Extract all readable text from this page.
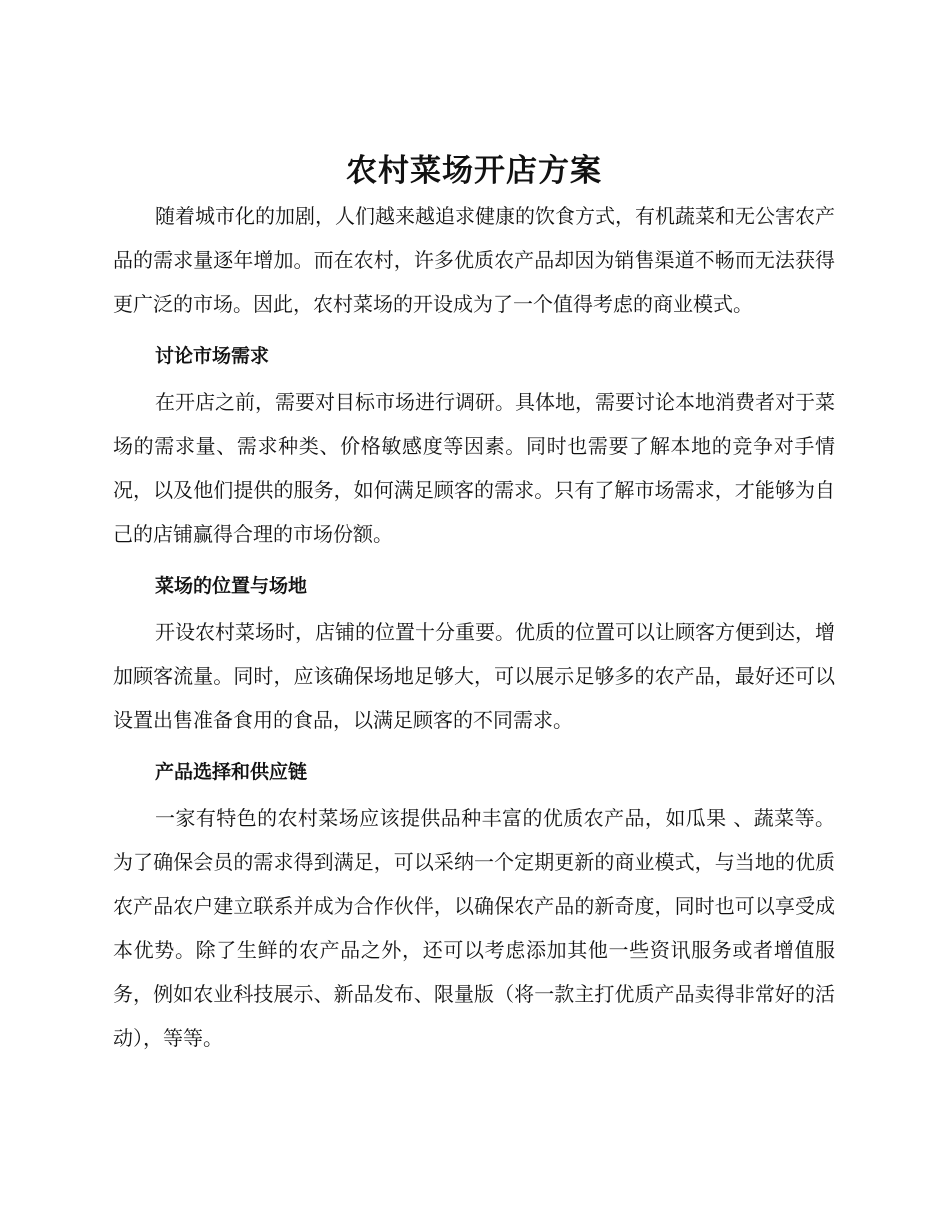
农村菜场开店方案

随着城市化的加剧，人们越来越追求健康的饮食方式，有机蔬菜和无公害农产品的需求量逐年增加。而在农村，许多优质农产品却因为销售渠道不畅而无法获得更广泛的市场。因此，农村菜场的开设成为了一个值得考虑的商业模式。

讨论市场需求

在开店之前，需要对目标市场进行调研。具体地，需要讨论本地消费者对于菜场的需求量、需求种类、价格敏感度等因素。同时也需要了解本地的竞争对手情况，以及他们提供的服务，如何满足顾客的需求。只有了解市场需求，才能够为自己的店铺赢得合理的市场份额。

菜场的位置与场地

开设农村菜场时，店铺的位置十分重要。优质的位置可以让顾客方便到达，增加顾客流量。同时，应该确保场地足够大，可以展示足够多的农产品，最好还可以设置出售准备食用的食品，以满足顾客的不同需求。

产品选择和供应链

一家有特色的农村菜场应该提供品种丰富的优质农产品，如瓜果 、蔬菜等。为了确保会员的需求得到满足，可以采纳一个定期更新的商业模式，与当地的优质农产品农户建立联系并成为合作伙伴，以确保农产品的新奇度，同时也可以享受成本优势。除了生鲜的农产品之外，还可以考虑添加其他一些资讯服务或者增值服务，例如农业科技展示、新品发布、限量版（将一款主打优质产品卖得非常好的活动），等等。
